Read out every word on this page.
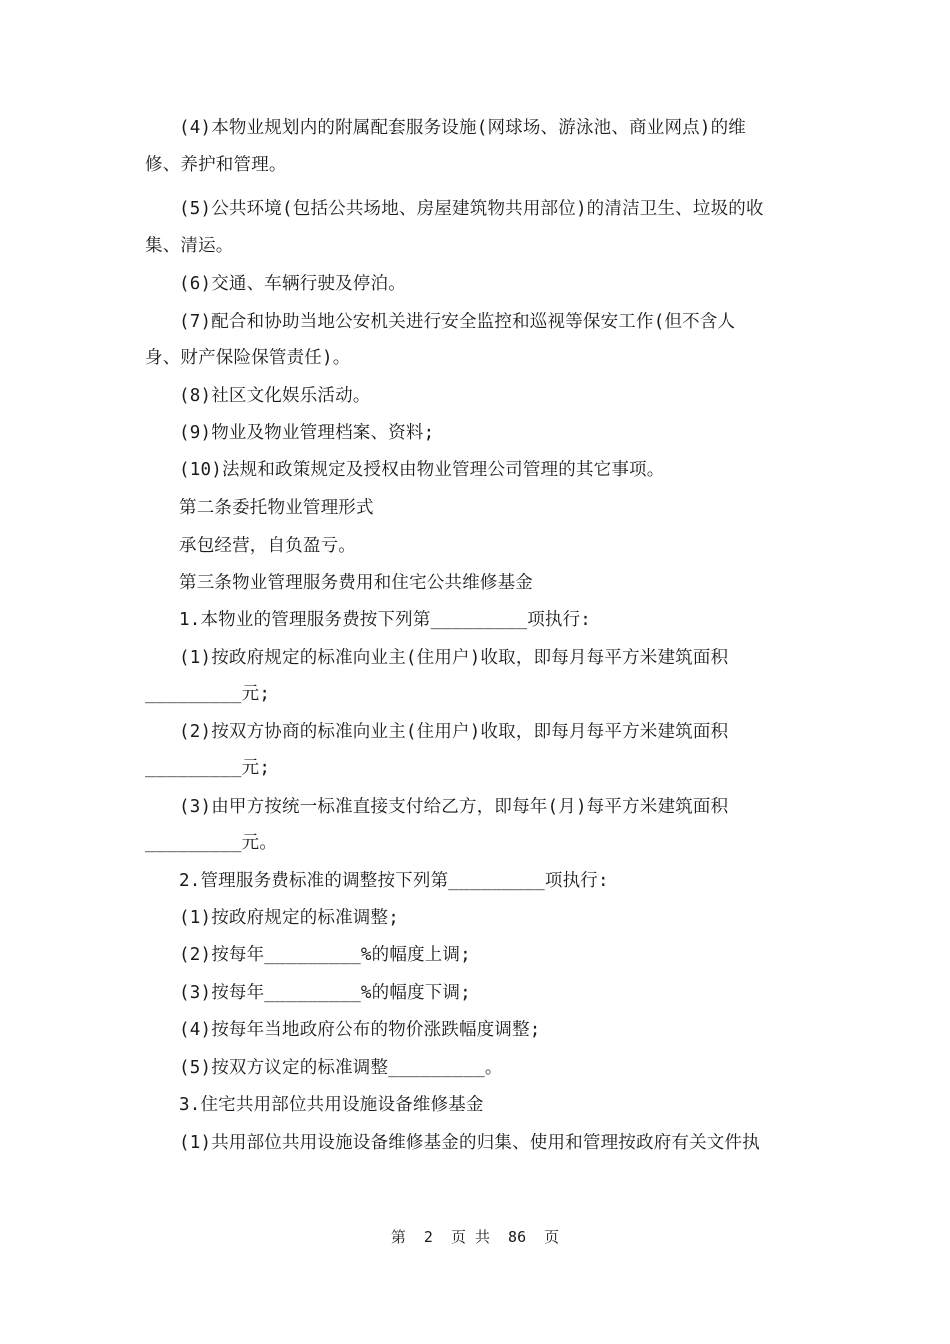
(4)本物业规划内的附属配套服务设施(网球场、游泳池、商业网点)的维
修、养护和管理。
(5)公共环境(包括公共场地、房屋建筑物共用部位)的清洁卫生、垃圾的收
集、清运。
(6)交通、车辆行驶及停泊。
(7)配合和协助当地公安机关进行安全监控和巡视等保安工作(但不含人
身、财产保险保管责任)。
(8)社区文化娱乐活动。
(9)物业及物业管理档案、资料;
(10)法规和政策规定及授权由物业管理公司管理的其它事项。
第二条委托物业管理形式
承包经营，自负盈亏。
第三条物业管理服务费用和住宅公共维修基金
1.本物业的管理服务费按下列第_________项执行:
(1)按政府规定的标准向业主(住用户)收取，即每月每平方米建筑面积
_________元;
(2)按双方协商的标准向业主(住用户)收取，即每月每平方米建筑面积
_________元;
(3)由甲方按统一标准直接支付给乙方，即每年(月)每平方米建筑面积
_________元。
2.管理服务费标准的调整按下列第_________项执行:
(1)按政府规定的标准调整;
(2)按每年_________%的幅度上调;
(3)按每年_________%的幅度下调;
(4)按每年当地政府公布的物价涨跌幅度调整;
(5)按双方议定的标准调整_________。
3.住宅共用部位共用设施设备维修基金
(1)共用部位共用设施设备维修基金的归集、使用和管理按政府有关文件执
第  2  页 共  86  页
